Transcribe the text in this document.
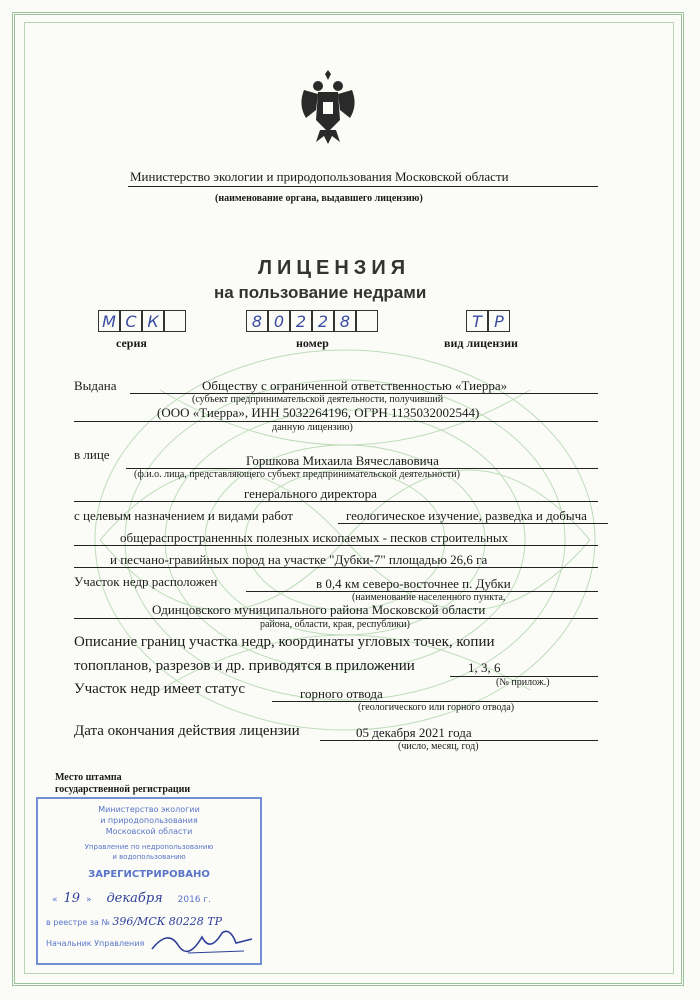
Министерство экологии и природопользования Московской области
(наименование органа, выдавшего лицензию)
ЛИЦЕНЗИЯ
на пользование недрами
М С К	8 0 2 2 8	Т Р
серия	номер	вид лицензии
Выдана	Обществу с ограниченной ответственностью «Тиерра»
(субъект предпринимательской деятельности, получивший
(ООО «Тиерра», ИНН 5032264196, ОГРН 1135032002544)
данную лицензию)
в лице	Горшкова Михаила Вячеславовича
(ф.и.о. лица, представляющего субъект предпринимательской деятельности)
генерального директора
с целевым назначением и видами работ	геологическое изучение, разведка и добыча
общераспространенных полезных ископаемых - песков строительных
и песчано-гравийных пород на участке "Дубки-7" площадью 26,6 га
Участок недр расположен	в 0,4 км северо-восточнее п. Дубки
(наименование населенного пункта,
Одинцовского муниципального района Московской области
района, области, края, республики)
Описание границ участка недр, координаты угловых точек, копии
топопланов, разрезов и др. приводятся в приложении	1, 3, 6
(№ прилож.)
Участок недр имеет статус	горного отвода
(геологического или горного отвода)
Дата окончания действия лицензии	05 декабря 2021 года
(число, месяц, год)
Место штампа
государственной регистрации
Министерство экологии
и природопользования
Московской области
Управление по недропользованию
и водопользованию
ЗАРЕГИСТРИРОВАНО
« 19 » декабря 2016 г.
в реестре за № 396/МСК 80228 ТР
Начальник Управления
